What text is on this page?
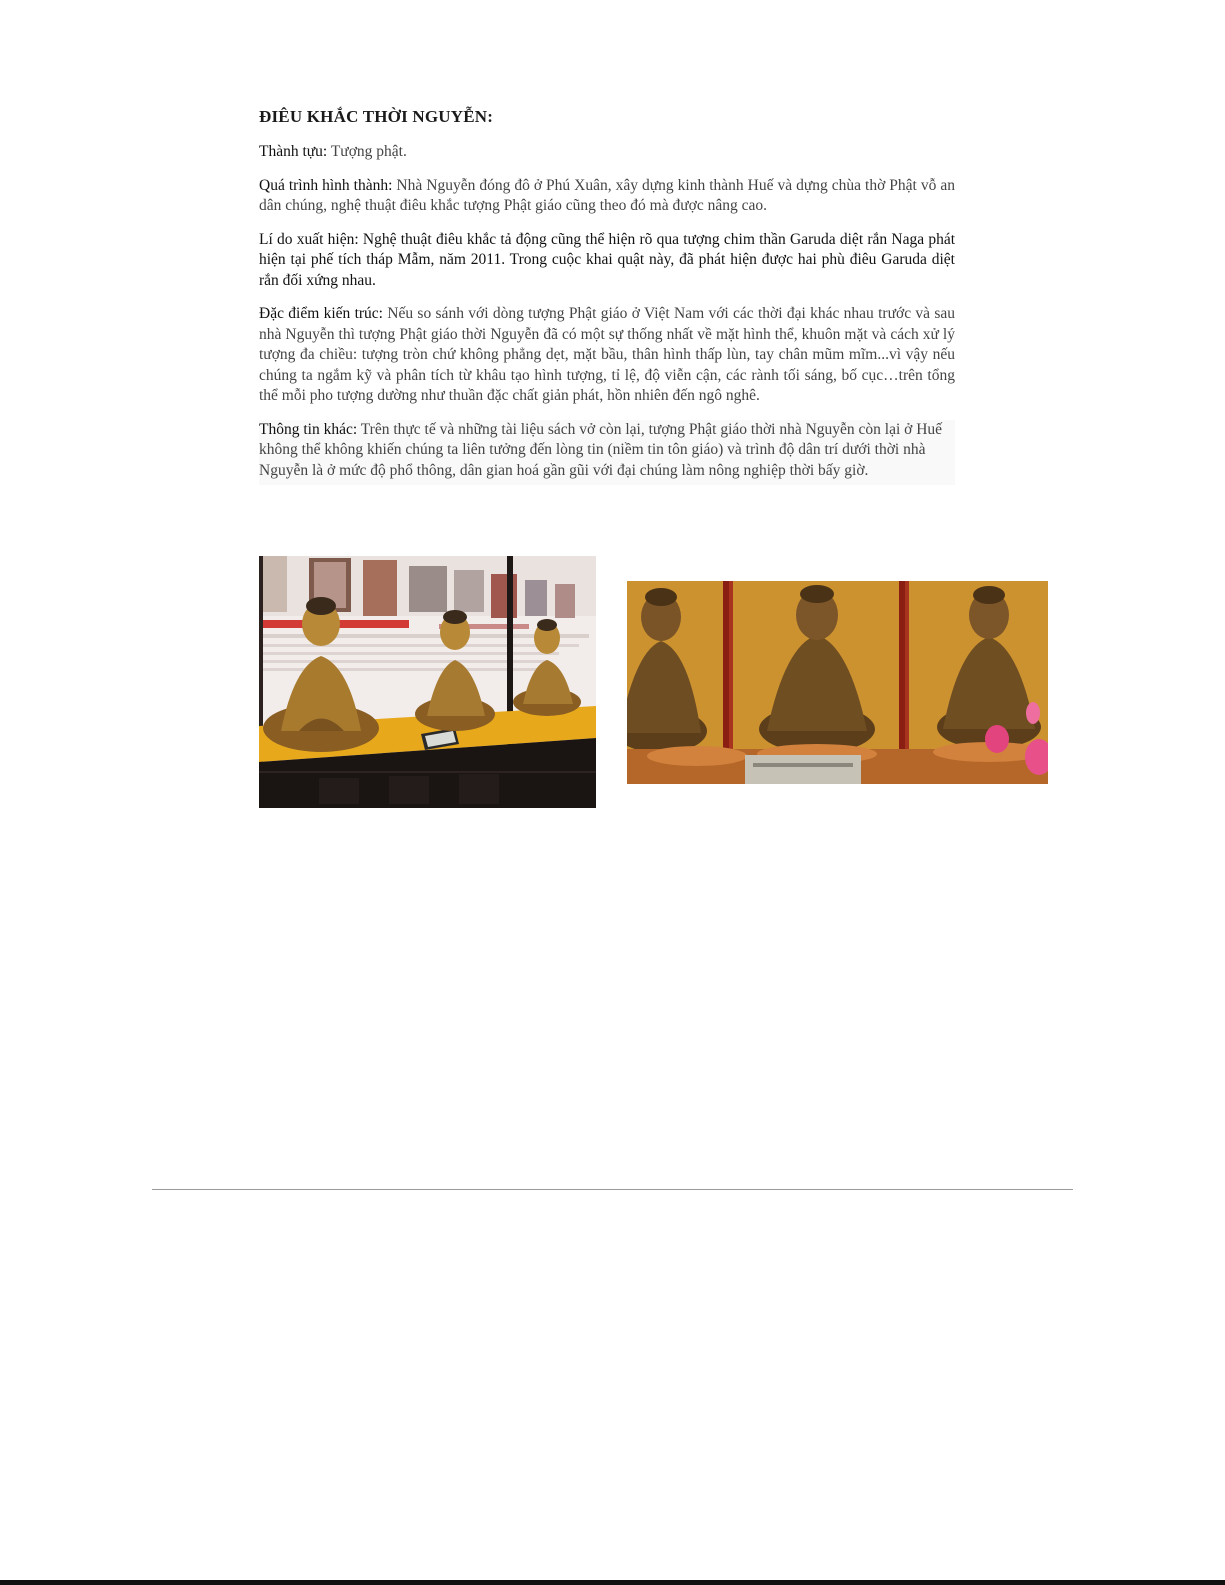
ĐIÊU KHẮC THỜI NGUYỄN:

Thành tựu: Tượng phật.

Quá trình hình thành: Nhà Nguyễn đóng đô ở Phú Xuân, xây dựng kinh thành Huế và dựng chùa thờ Phật vỗ an dân chúng, nghệ thuật điêu khắc tượng Phật giáo cũng theo đó mà được nâng cao.

Lí do xuất hiện: Nghệ thuật điêu khắc tả động cũng thể hiện rõ qua tượng chim thần Garuda diệt rắn Naga phát hiện tại phế tích tháp Mẫm, năm 2011. Trong cuộc khai quật này, đã phát hiện được hai phù điêu Garuda diệt rắn đối xứng nhau.

Đặc điểm kiến trúc: Nếu so sánh với dòng tượng Phật giáo ở Việt Nam với các thời đại khác nhau trước và sau nhà Nguyễn thì tượng Phật giáo thời Nguyễn đã có một sự thống nhất về mặt hình thể, khuôn mặt và cách xử lý tượng đa chiều: tượng tròn chứ không phẳng dẹt, mặt bầu, thân hình thấp lùn, tay chân mũm mĩm...vì vậy nếu chúng ta ngắm kỹ và phân tích từ khâu tạo hình tượng, tỉ lệ, độ viễn cận, các rành tối sáng, bố cục…trên tổng thể mỗi pho tượng dường như thuần đặc chất giản phát, hồn nhiên đến ngô nghê.

Thông tin khác: Trên thực tế và những tài liệu sách vở còn lại, tượng Phật giáo thời nhà Nguyễn còn lại ở Huế không thể không khiến chúng ta liên tưởng đến lòng tin (niềm tin tôn giáo) và trình độ dân trí dưới thời nhà Nguyễn là ở mức độ phổ thông, dân gian hoá gần gũi với đại chúng làm nông nghiệp thời bấy giờ.
